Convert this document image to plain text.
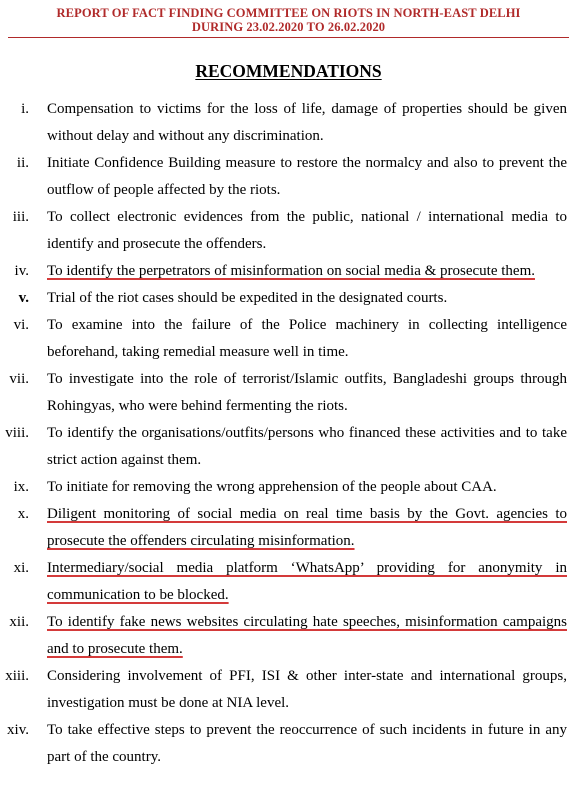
REPORT OF FACT FINDING COMMITTEE ON RIOTS IN NORTH-EAST DELHI
DURING 23.02.2020 TO 26.02.2020
RECOMMENDATIONS
i. Compensation to victims for the loss of life, damage of properties should be given without delay and without any discrimination.
ii. Initiate Confidence Building measure to restore the normalcy and also to prevent the outflow of people affected by the riots.
iii. To collect electronic evidences from the public, national / international media to identify and prosecute the offenders.
iv. To identify the perpetrators of misinformation on social media & prosecute them.
v. Trial of the riot cases should be expedited in the designated courts.
vi. To examine into the failure of the Police machinery in collecting intelligence beforehand, taking remedial measure well in time.
vii. To investigate into the role of terrorist/Islamic outfits, Bangladeshi groups through Rohingyas, who were behind fermenting the riots.
viii. To identify the organisations/outfits/persons who financed these activities and to take strict action against them.
ix. To initiate for removing the wrong apprehension of the people about CAA.
x. Diligent monitoring of social media on real time basis by the Govt. agencies to prosecute the offenders circulating misinformation.
xi. Intermediary/social media platform ‘WhatsApp’ providing for anonymity in communication to be blocked.
xii. To identify fake news websites circulating hate speeches, misinformation campaigns and to prosecute them.
xiii. Considering involvement of PFI, ISI & other inter-state and international groups, investigation must be done at NIA level.
xiv. To take effective steps to prevent the reoccurrence of such incidents in future in any part of the country.
